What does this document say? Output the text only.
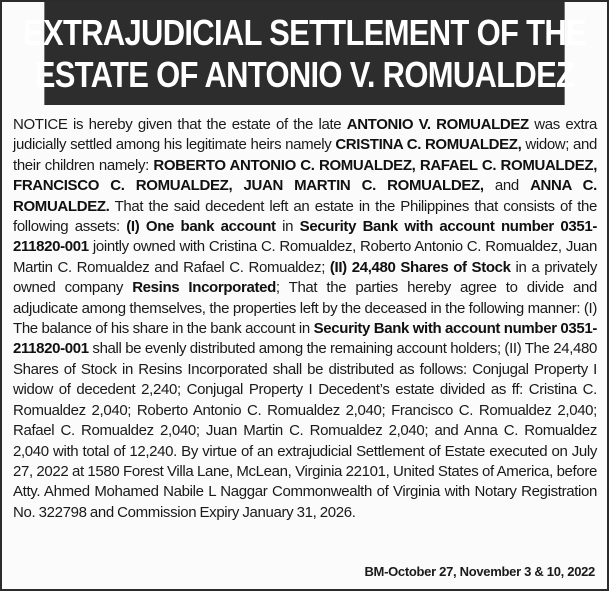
EXTRAJUDICIAL SETTLEMENT OF THE
ESTATE OF ANTONIO V. ROMUALDEZ
NOTICE is hereby given that the estate of the late ANTONIO V. ROMUALDEZ was extra judicially settled among his legitimate heirs namely CRISTINA C. ROMUALDEZ, widow; and their children namely: ROBERTO ANTONIO C. ROMUALDEZ, RAFAEL C. ROMUALDEZ, FRANCISCO C. ROMUALDEZ, JUAN MARTIN C. ROMUALDEZ, and ANNA C. ROMUALDEZ. That the said decedent left an estate in the Philippines that consists of the following assets: (I) One bank account in Security Bank with account number 0351-211820-001 jointly owned with Cristina C. Romualdez, Roberto Antonio C. Romualdez, Juan Martin C. Romualdez and Rafael C. Romualdez; (II) 24,480 Shares of Stock in a privately owned company Resins Incorporated; That the parties hereby agree to divide and adjudicate among themselves, the properties left by the deceased in the following manner: (I) The balance of his share in the bank account in Security Bank with account number 0351-211820-001 shall be evenly distributed among the remaining account holders; (II) The 24,480 Shares of Stock in Resins Incorporated shall be distributed as follows: Conjugal Property I widow of decedent 2,240; Conjugal Property I Decedent’s estate divided as ff: Cristina C. Romualdez 2,040; Roberto Antonio C. Romualdez 2,040; Francisco C. Romualdez 2,040; Rafael C. Romualdez 2,040; Juan Martin C. Romualdez 2,040; and Anna C. Romualdez 2,040 with total of 12,240. By virtue of an extrajudicial Settlement of Estate executed on July 27, 2022 at 1580 Forest Villa Lane, McLean, Virginia 22101, United States of America, before Atty. Ahmed Mohamed Nabile L Naggar Commonwealth of Virginia with Notary Registration No. 322798 and Commission Expiry January 31, 2026.
BM-October 27, November 3 & 10, 2022
